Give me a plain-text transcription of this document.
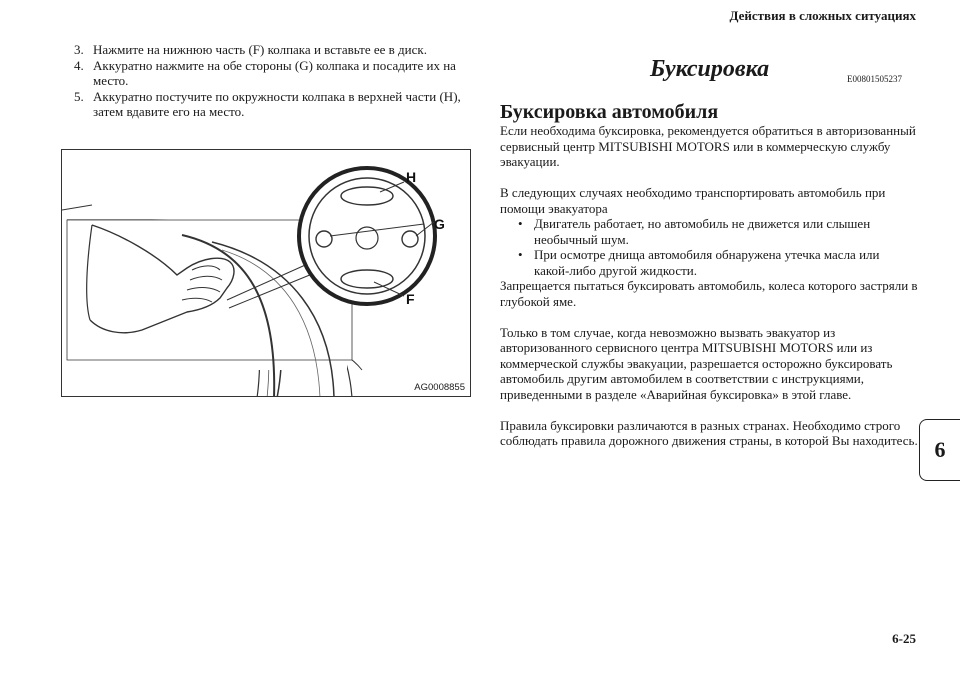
Действия в сложных ситуациях
3. Нажмите на нижнюю часть (F) колпака и вставьте ее в диск.
4. Аккуратно нажмите на обе стороны (G) колпака и посадите их на место.
5. Аккуратно постучите по окружности колпака в верхней части (H), затем вдавите его на место.
H
G
F
AG0008855
Буксировка	E00801505237
Буксировка автомобиля

Если необходима буксировка, рекомендуется обратиться в авторизованный сервисный центр MITSUBISHI MOTORS или в коммерческую службу эвакуации.

В следующих случаях необходимо транспортировать автомобиль при помощи эвакуатора
• Двигатель работает, но автомобиль не движется или слышен необычный шум.
• При осмотре днища автомобиля обнаружена утечка масла или какой-либо другой жидкости.

Запрещается пытаться буксировать автомобиль, колеса которого застряли в глубокой яме.

Только в том случае, когда невозможно вызвать эвакуатор из авторизованного сервисного центра MITSUBISHI MOTORS или из коммерческой службы эвакуации, разрешается осторожно буксировать автомобиль другим автомобилем в соответствии с инструкциями, приведенными в разделе «Аварийная буксировка» в этой главе.

Правила буксировки различаются в разных странах. Необходимо строго соблюдать правила дорожного движения страны, в которой Вы находитесь. 6
6-25
